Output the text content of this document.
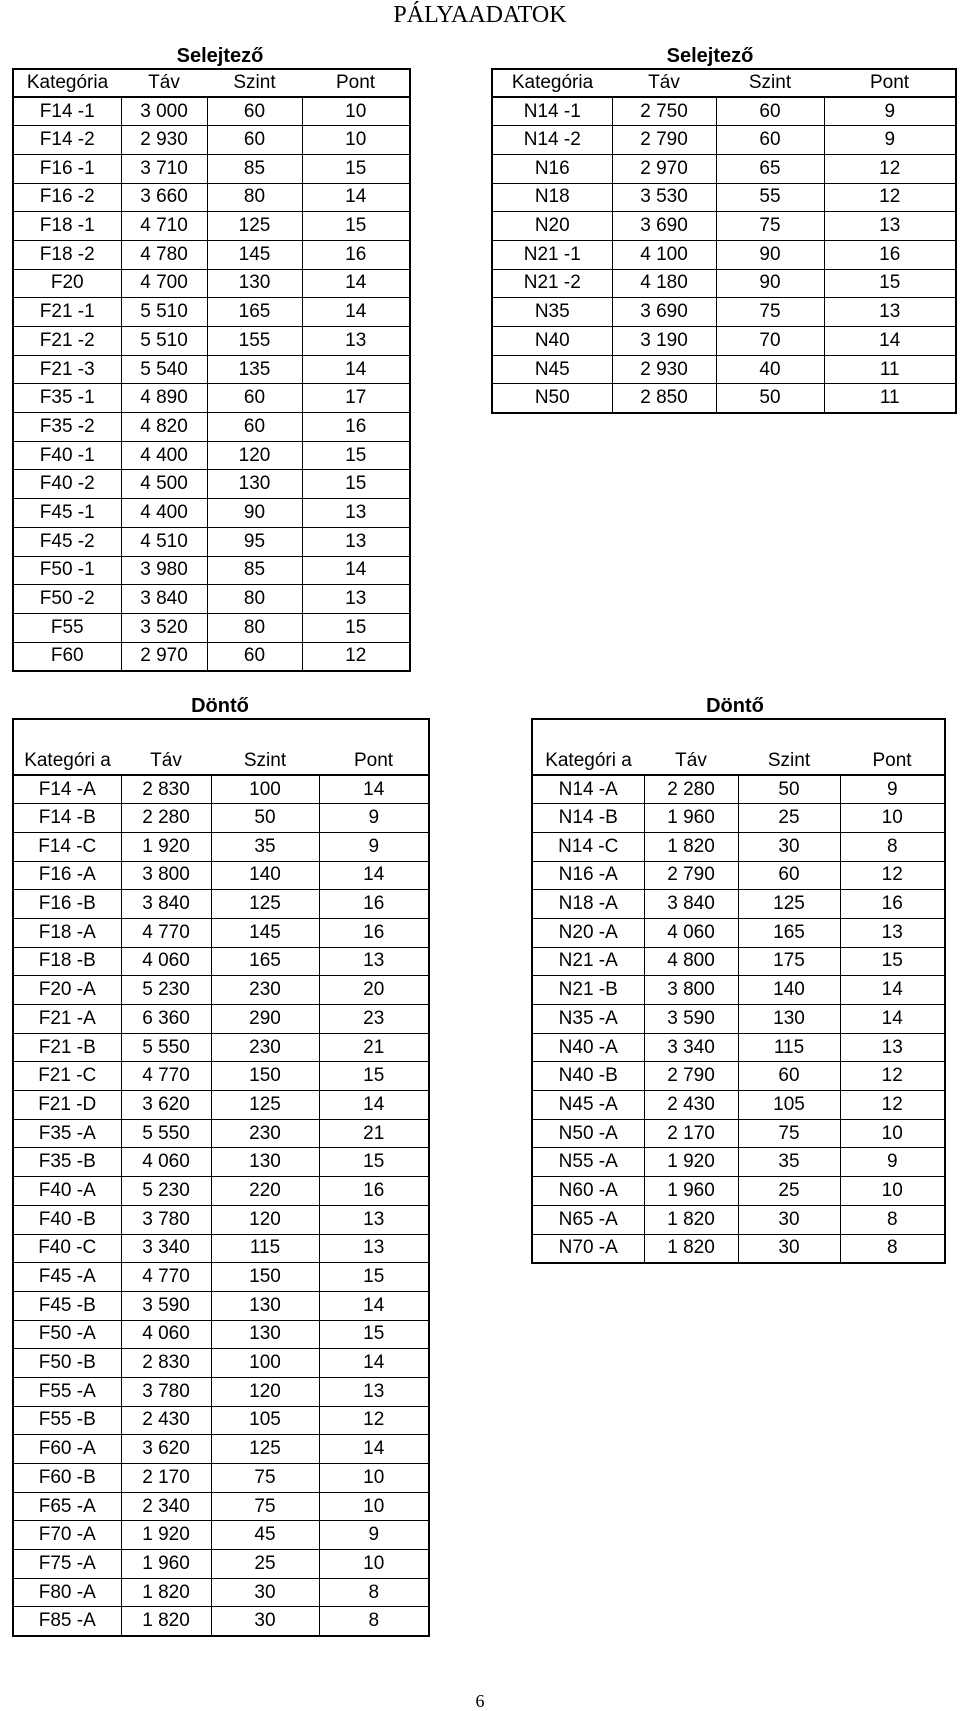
PÁLYAADATOK
Selejtező
Kategória	Táv	Szint	Pont
F14 -1	3 000	60	10
F14 -2	2 930	60	10
F16 -1	3 710	85	15
F16 -2	3 660	80	14
F18 -1	4 710	125	15
F18 -2	4 780	145	16
F20	4 700	130	14
F21 -1	5 510	165	14
F21 -2	5 510	155	13
F21 -3	5 540	135	14
F35 -1	4 890	60	17
F35 -2	4 820	60	16
F40 -1	4 400	120	15
F40 -2	4 500	130	15
F45 -1	4 400	90	13
F45 -2	4 510	95	13
F50 -1	3 980	85	14
F50 -2	3 840	80	13
F55	3 520	80	15
F60	2 970	60	12
Selejtező
Kategória	Táv	Szint	Pont
N14 -1	2 750	60	9
N14 -2	2 790	60	9
N16	2 970	65	12
N18	3 530	55	12
N20	3 690	75	13
N21 -1	4 100	90	16
N21 -2	4 180	90	15
N35	3 690	75	13
N40	3 190	70	14
N45	2 930	40	11
N50	2 850	50	11
Döntő
Kategóri a	Táv	Szint	Pont
F14 -A	2 830	100	14
F14 -B	2 280	50	9
F14 -C	1 920	35	9
F16 -A	3 800	140	14
F16 -B	3 840	125	16
F18 -A	4 770	145	16
F18 -B	4 060	165	13
F20 -A	5 230	230	20
F21 -A	6 360	290	23
F21 -B	5 550	230	21
F21 -C	4 770	150	15
F21 -D	3 620	125	14
F35 -A	5 550	230	21
F35 -B	4 060	130	15
F40 -A	5 230	220	16
F40 -B	3 780	120	13
F40 -C	3 340	115	13
F45 -A	4 770	150	15
F45 -B	3 590	130	14
F50 -A	4 060	130	15
F50 -B	2 830	100	14
F55 -A	3 780	120	13
F55 -B	2 430	105	12
F60 -A	3 620	125	14
F60 -B	2 170	75	10
F65 -A	2 340	75	10
F70 -A	1 920	45	9
F75 -A	1 960	25	10
F80 -A	1 820	30	8
F85 -A	1 820	30	8
Döntő
Kategóri a	Táv	Szint	Pont
N14 -A	2 280	50	9
N14 -B	1 960	25	10
N14 -C	1 820	30	8
N16 -A	2 790	60	12
N18 -A	3 840	125	16
N20 -A	4 060	165	13
N21 -A	4 800	175	15
N21 -B	3 800	140	14
N35 -A	3 590	130	14
N40 -A	3 340	115	13
N40 -B	2 790	60	12
N45 -A	2 430	105	12
N50 -A	2 170	75	10
N55 -A	1 920	35	9
N60 -A	1 960	25	10
N65 -A	1 820	30	8
N70 -A	1 820	30	8
6
